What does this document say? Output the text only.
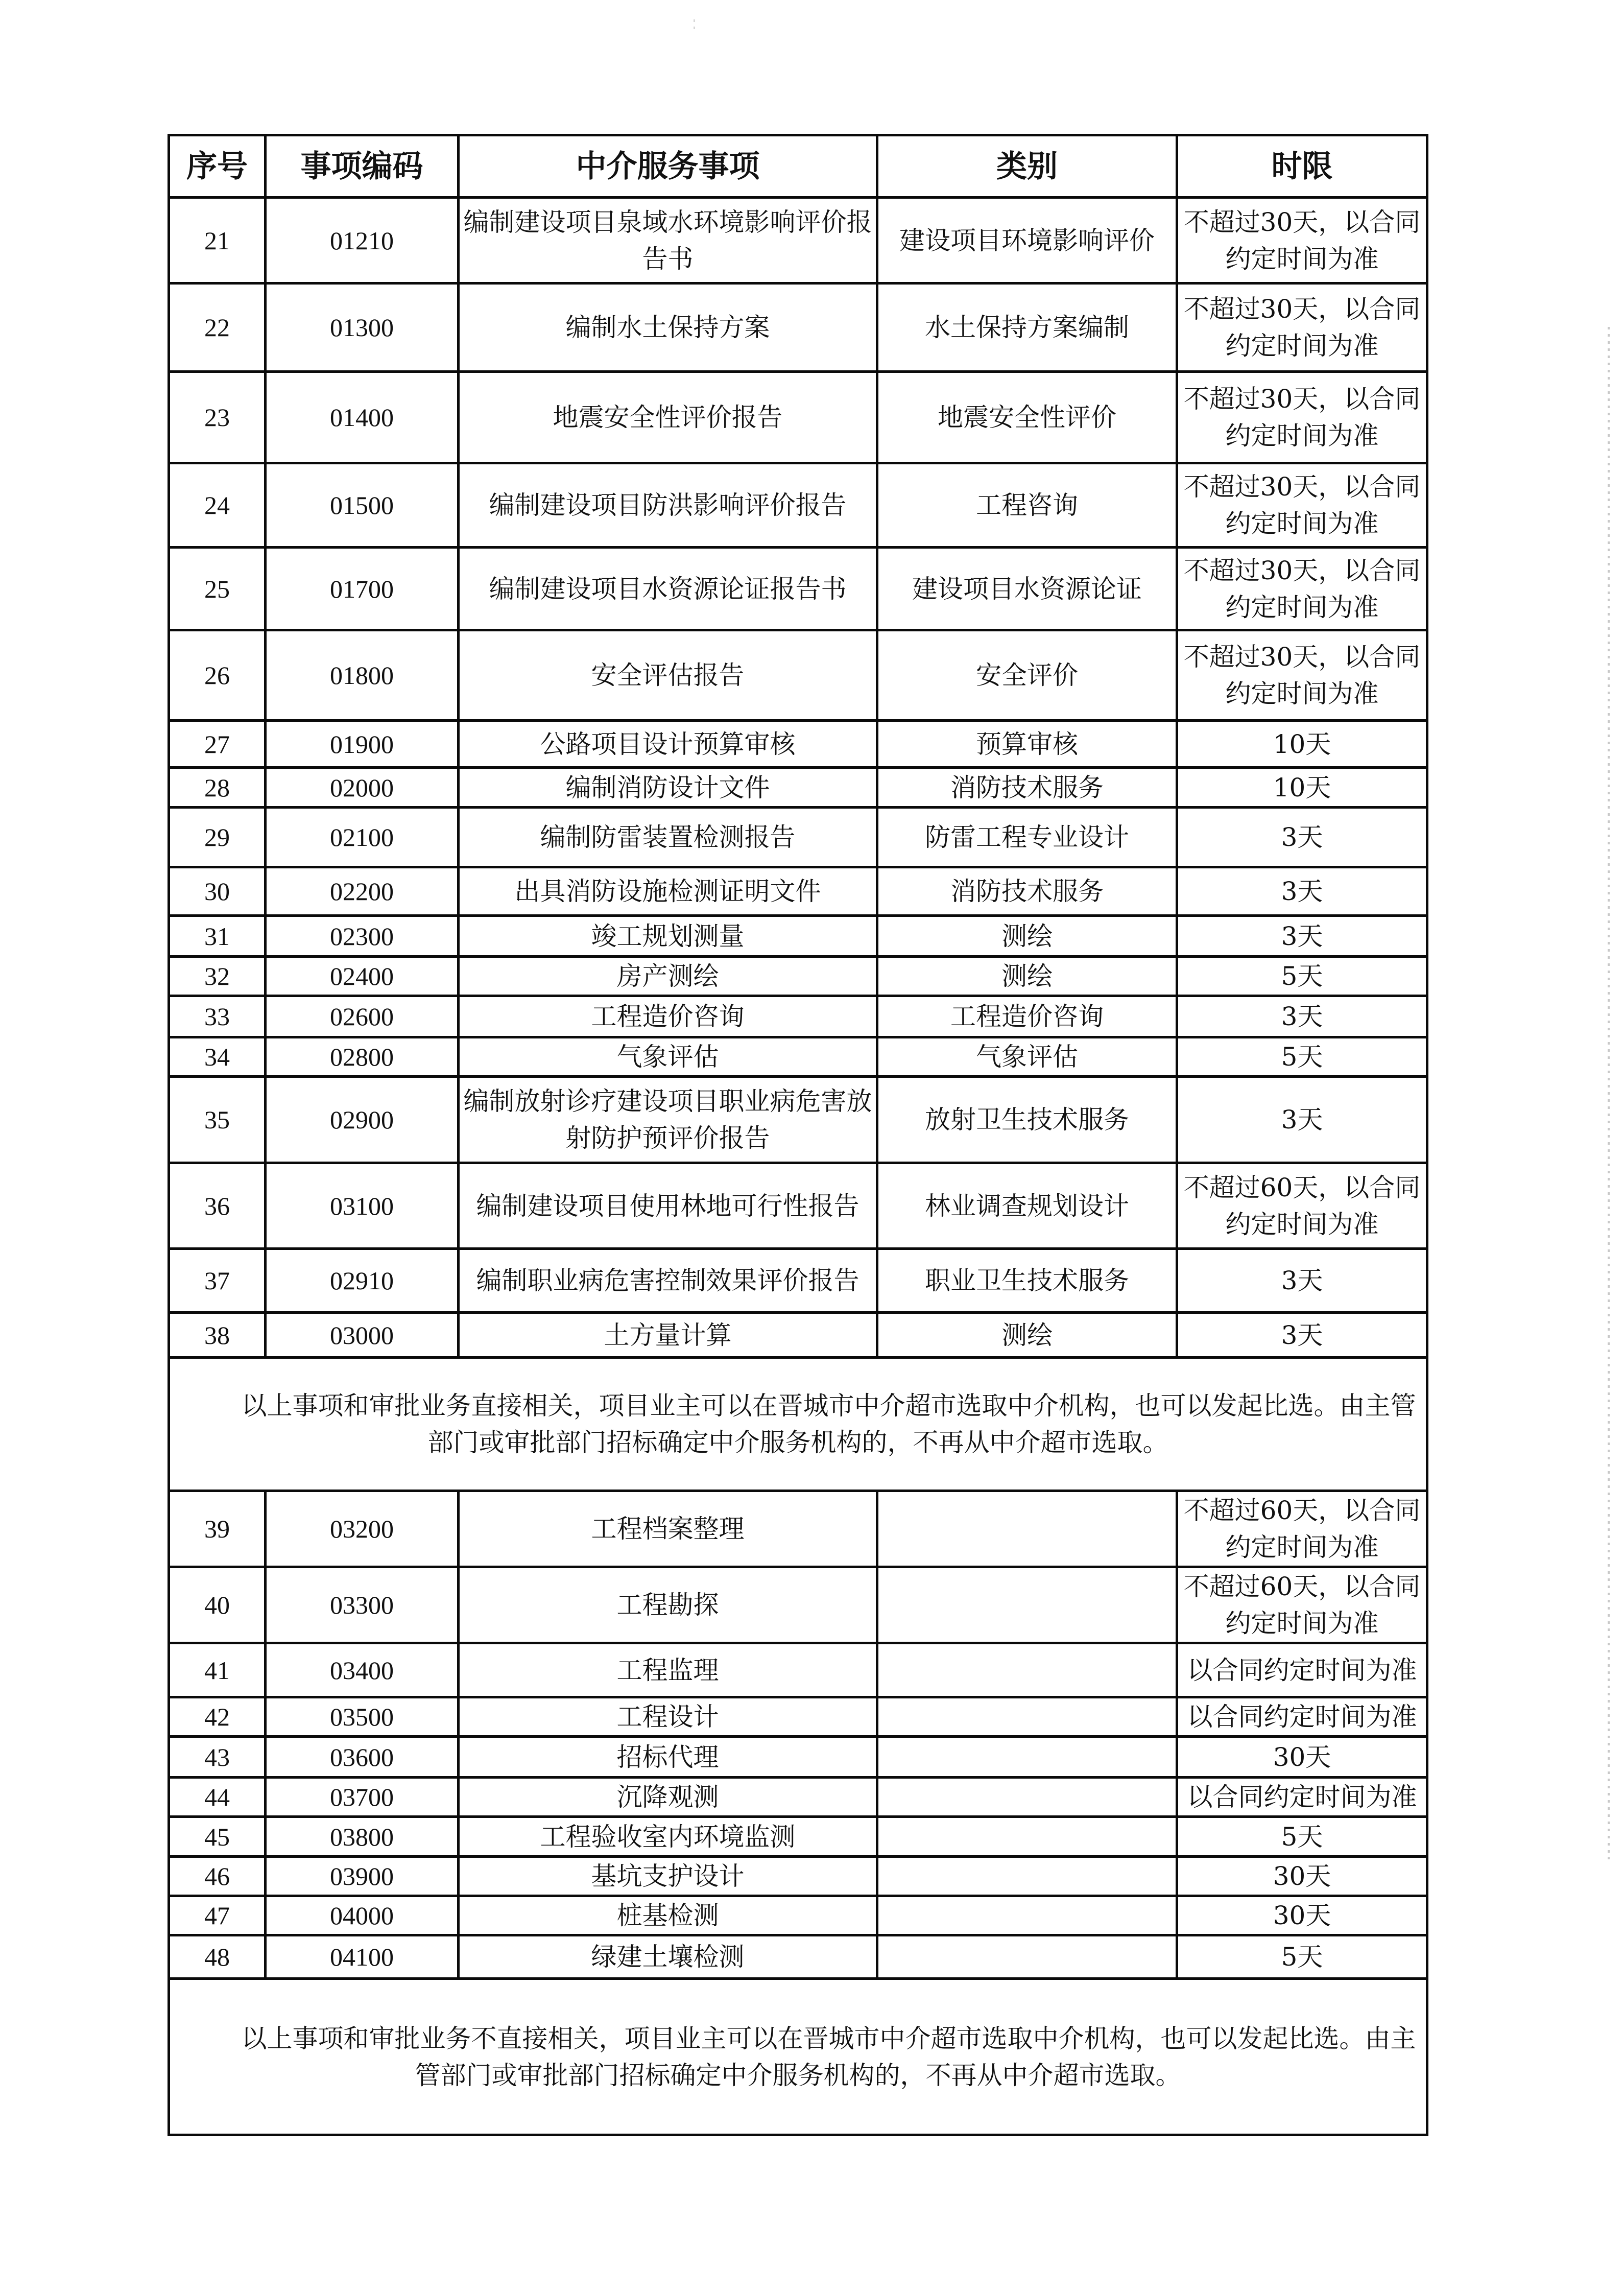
序号	事项编码	中介服务事项	类别	时限
21	01210	编制建设项目泉域水环境影响评价报告书	建设项目环境影响评价	不超过30天，以合同约定时间为准
22	01300	编制水土保持方案	水土保持方案编制	不超过30天，以合同约定时间为准
23	01400	地震安全性评价报告	地震安全性评价	不超过30天，以合同约定时间为准
24	01500	编制建设项目防洪影响评价报告	工程咨询	不超过30天，以合同约定时间为准
25	01700	编制建设项目水资源论证报告书	建设项目水资源论证	不超过30天，以合同约定时间为准
26	01800	安全评估报告	安全评价	不超过30天，以合同约定时间为准
27	01900	公路项目设计预算审核	预算审核	10天
28	02000	编制消防设计文件	消防技术服务	10天
29	02100	编制防雷装置检测报告	防雷工程专业设计	3天
30	02200	出具消防设施检测证明文件	消防技术服务	3天
31	02300	竣工规划测量	测绘	3天
32	02400	房产测绘	测绘	5天
33	02600	工程造价咨询	工程造价咨询	3天
34	02800	气象评估	气象评估	5天
35	02900	编制放射诊疗建设项目职业病危害放射防护预评价报告	放射卫生技术服务	3天
36	03100	编制建设项目使用林地可行性报告	林业调查规划设计	不超过60天，以合同约定时间为准
37	02910	编制职业病危害控制效果评价报告	职业卫生技术服务	3天
38	03000	土方量计算	测绘	3天
以上事项和审批业务直接相关，项目业主可以在晋城市中介超市选取中介机构，也可以发起比选。由主管部门或审批部门招标确定中介服务机构的，不再从中介超市选取。				
39	03200	工程档案整理		不超过60天，以合同约定时间为准
40	03300	工程勘探		不超过60天，以合同约定时间为准
41	03400	工程监理		以合同约定时间为准
42	03500	工程设计		以合同约定时间为准
43	03600	招标代理		30天
44	03700	沉降观测		以合同约定时间为准
45	03800	工程验收室内环境监测		5天
46	03900	基坑支护设计		30天
47	04000	桩基检测		30天
48	04100	绿建土壤检测		5天
以上事项和审批业务不直接相关，项目业主可以在晋城市中介超市选取中介机构，也可以发起比选。由主管部门或审批部门招标确定中介服务机构的，不再从中介超市选取。				
